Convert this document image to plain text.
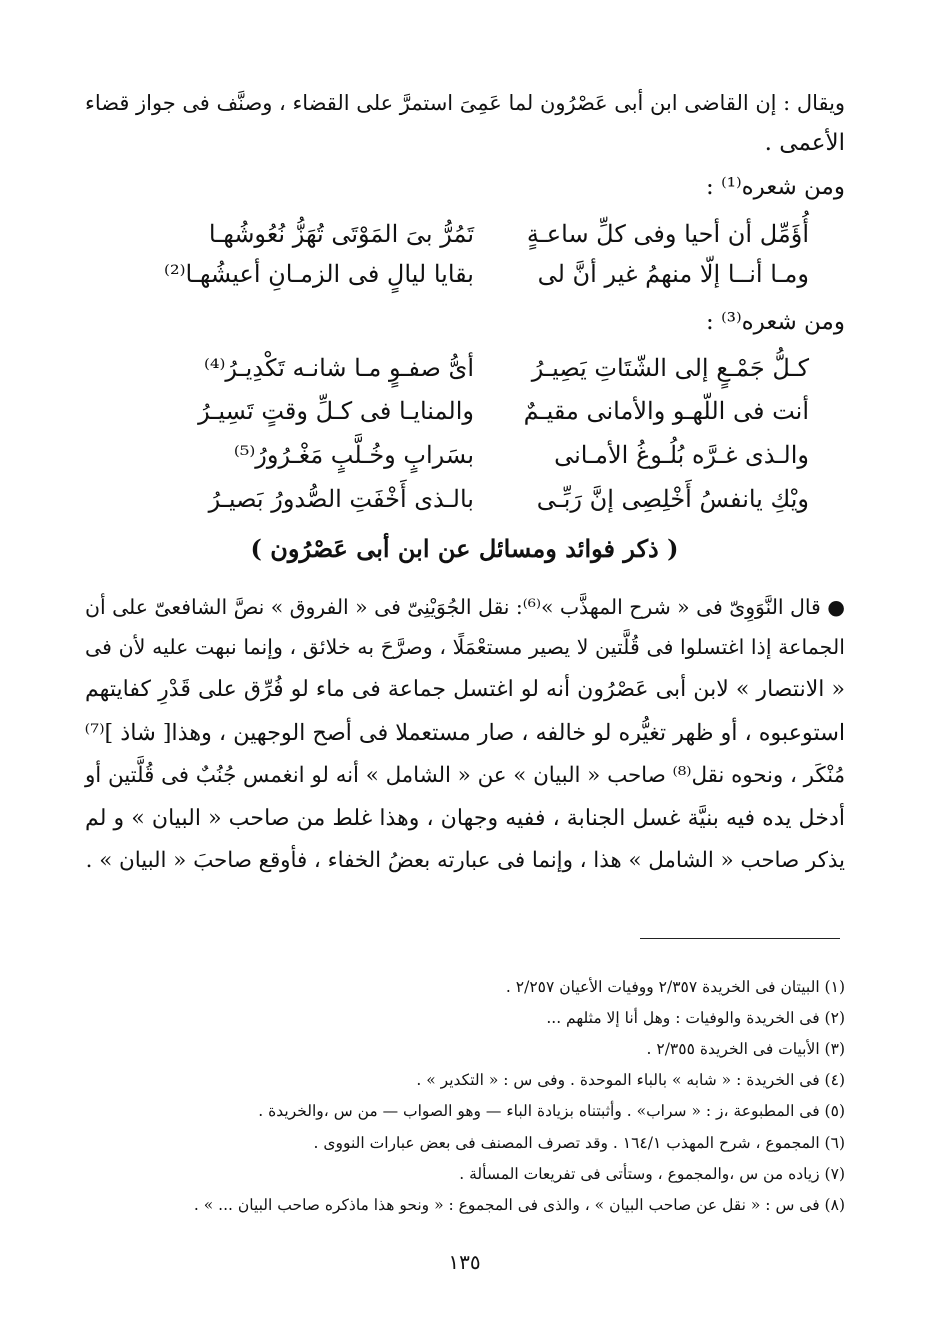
ويقال : إن القاضى ابن أبى عَصْرُون لما عَمِىَ استمرَّ على القضاء ، وصنَّف فى جواز قضاء
الأعمى .
ومن شعره⁽¹⁾ :
أُؤَمِّل أن أحيا وفى كلِّ ساعـةٍ
تَمُرُّ بىَ المَوْتَى تُهَزُّ نُعُوشُهـا
ومـا أنــا إلّا منهمُ غير أنَّ لى
بقايا ليالٍ فى الزمـانِ أعيشُهـا⁽²⁾
ومن شعره⁽³⁾ :
كـلُّ جَمْـعٍ إلى الشّتَاتِ يَصِيـرُ
أىُّ صفـوٍ مـا شانـه تَكْدِيـرُ⁽⁴⁾
أنت فى اللّهـو والأمانى مقيـمٌ
والمنايـا فى كـلِّ وقتٍ تَسِيـرُ
والـذى غـرَّه بُلُـوغُ الأمـانى
بسَرابٍ وخُـلَّبٍ مَغْـرُورُ⁽⁵⁾
ويْكِ يانفسُ أَخْلِصِى إنَّ رَبِّـى
بالـذى أَخْفَتِ الصُّدورُ بَصيـرُ
( ذكر فوائد ومسائل عن ابن أبى عَصْرُون )
● قال النَّوَوِىّ فى « شرح المهذَّب »⁽⁶⁾: نقل الجُوَيْنِىّ فى « الفروق » نصَّ الشافعىّ على أن
الجماعة إذا اغتسلوا فى قُلَّتين لا يصير مستعْمَلًا ، وصرَّحَ به خلائق ، وإنما نبهت عليه لأن فى
« الانتصار » لابن أبى عَصْرُون أنه لو اغتسل جماعة فى ماء لو فُرِّق على قَدْرِ كفايتهم
استوعبوه ، أو ظهر تغيُّره لو خالفه ، صار مستعملا فى أصح الوجهين ، وهذا[ شاذ ]⁽⁷⁾
مُنْكَر ، ونحوه نقل⁽⁸⁾ صاحب « البيان » عن « الشامل » أنه لو انغمس جُنُبٌ فى قُلَّتين أو
أدخل يده فيه بنيَّة غسل الجنابة ، ففيه وجهان ، وهذا غلط من صاحب « البيان » و لم
يذكر صاحب « الشامل » هذا ، وإنما فى عبارته بعضُ الخفاء ، فأوقع صاحبَ « البيان » .
(١) البيتان فى الخريدة ٢/٣٥٧ ووفيات الأعيان ٢/٢٥٧ .
(٢) فى الخريدة والوفيات : وهل أنا إلا مثلهم ...
(٣) الأبيات فى الخريدة ٢/٣٥٥ .
(٤) فى الخريدة : « شابه » بالباء الموحدة . وفى س : « التكدير » .
(٥) فى المطبوعة ،ز : « سراب» . وأثبتناه بزيادة الباء — وهو الصواب — من س ،والخريدة .
(٦) المجموع ، شرح المهذب ١٦٤/١ . وقد تصرف المصنف فى بعض عبارات النووى .
(٧) زياده من س ،والمجموع ، وستأتى فى تفريعات المسألة .
(٨) فى س : « نقل عن صاحب البيان » ، والذى فى المجموع : « ونحو هذا ماذكره صاحب البيان ... » .
١٣٥
